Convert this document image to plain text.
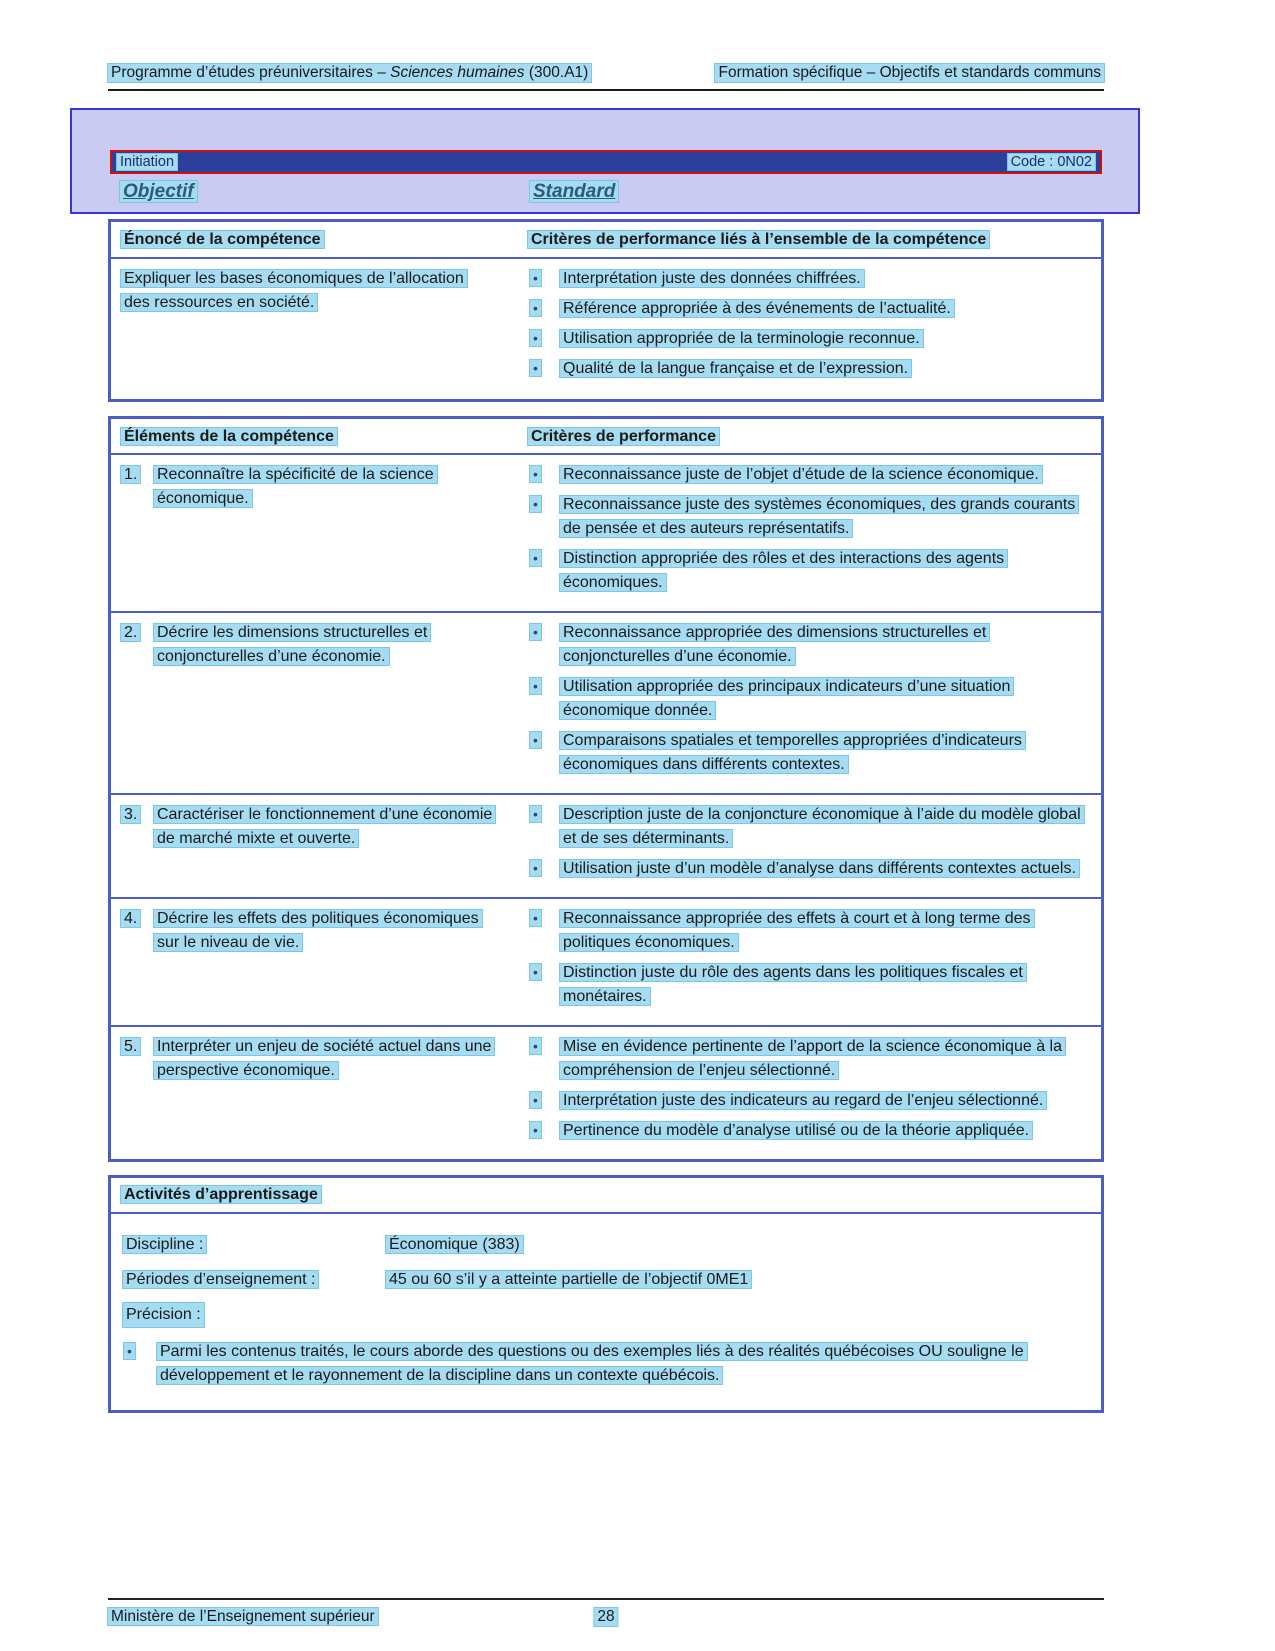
Programme d’études préuniversitaires – Sciences humaines (300.A1)	Formation spécifique – Objectifs et standards communs
Initiation	Code : 0N02
Objectif	Standard
Énoncé de la compétence	Critères de performance liés à l’ensemble de la compétence
Expliquer les bases économiques de l’allocation des ressources en société.
•	Interprétation juste des données chiffrées.
•	Référence appropriée à des événements de l’actualité.
•	Utilisation appropriée de la terminologie reconnue.
•	Qualité de la langue française et de l’expression.
Éléments de la compétence	Critères de performance
1.	Reconnaître la spécificité de la science économique.
•	Reconnaissance juste de l’objet d’étude de la science économique.
•	Reconnaissance juste des systèmes économiques, des grands courants de pensée et des auteurs représentatifs.
•	Distinction appropriée des rôles et des interactions des agents économiques.
2.	Décrire les dimensions structurelles et conjoncturelles d’une économie.
•	Reconnaissance appropriée des dimensions structurelles et conjoncturelles d’une économie.
•	Utilisation appropriée des principaux indicateurs d’une situation économique donnée.
•	Comparaisons spatiales et temporelles appropriées d’indicateurs économiques dans différents contextes.
3.	Caractériser le fonctionnement d’une économie de marché mixte et ouverte.
•	Description juste de la conjoncture économique à l’aide du modèle global et de ses déterminants.
•	Utilisation juste d’un modèle d’analyse dans différents contextes actuels.
4.	Décrire les effets des politiques économiques sur le niveau de vie.
•	Reconnaissance appropriée des effets à court et à long terme des politiques économiques.
•	Distinction juste du rôle des agents dans les politiques fiscales et monétaires.
5.	Interpréter un enjeu de société actuel dans une perspective économique.
•	Mise en évidence pertinente de l’apport de la science économique à la compréhension de l’enjeu sélectionné.
•	Interprétation juste des indicateurs au regard de l’enjeu sélectionné.
•	Pertinence du modèle d’analyse utilisé ou de la théorie appliquée.
Activités d’apprentissage
Discipline :	Économique (383)
Périodes d’enseignement :	45 ou 60 s’il y a atteinte partielle de l’objectif 0ME1
Précision :
•	Parmi les contenus traités, le cours aborde des questions ou des exemples liés à des réalités québécoises OU souligne le développement et le rayonnement de la discipline dans un contexte québécois.
Ministère de l’Enseignement supérieur	28
